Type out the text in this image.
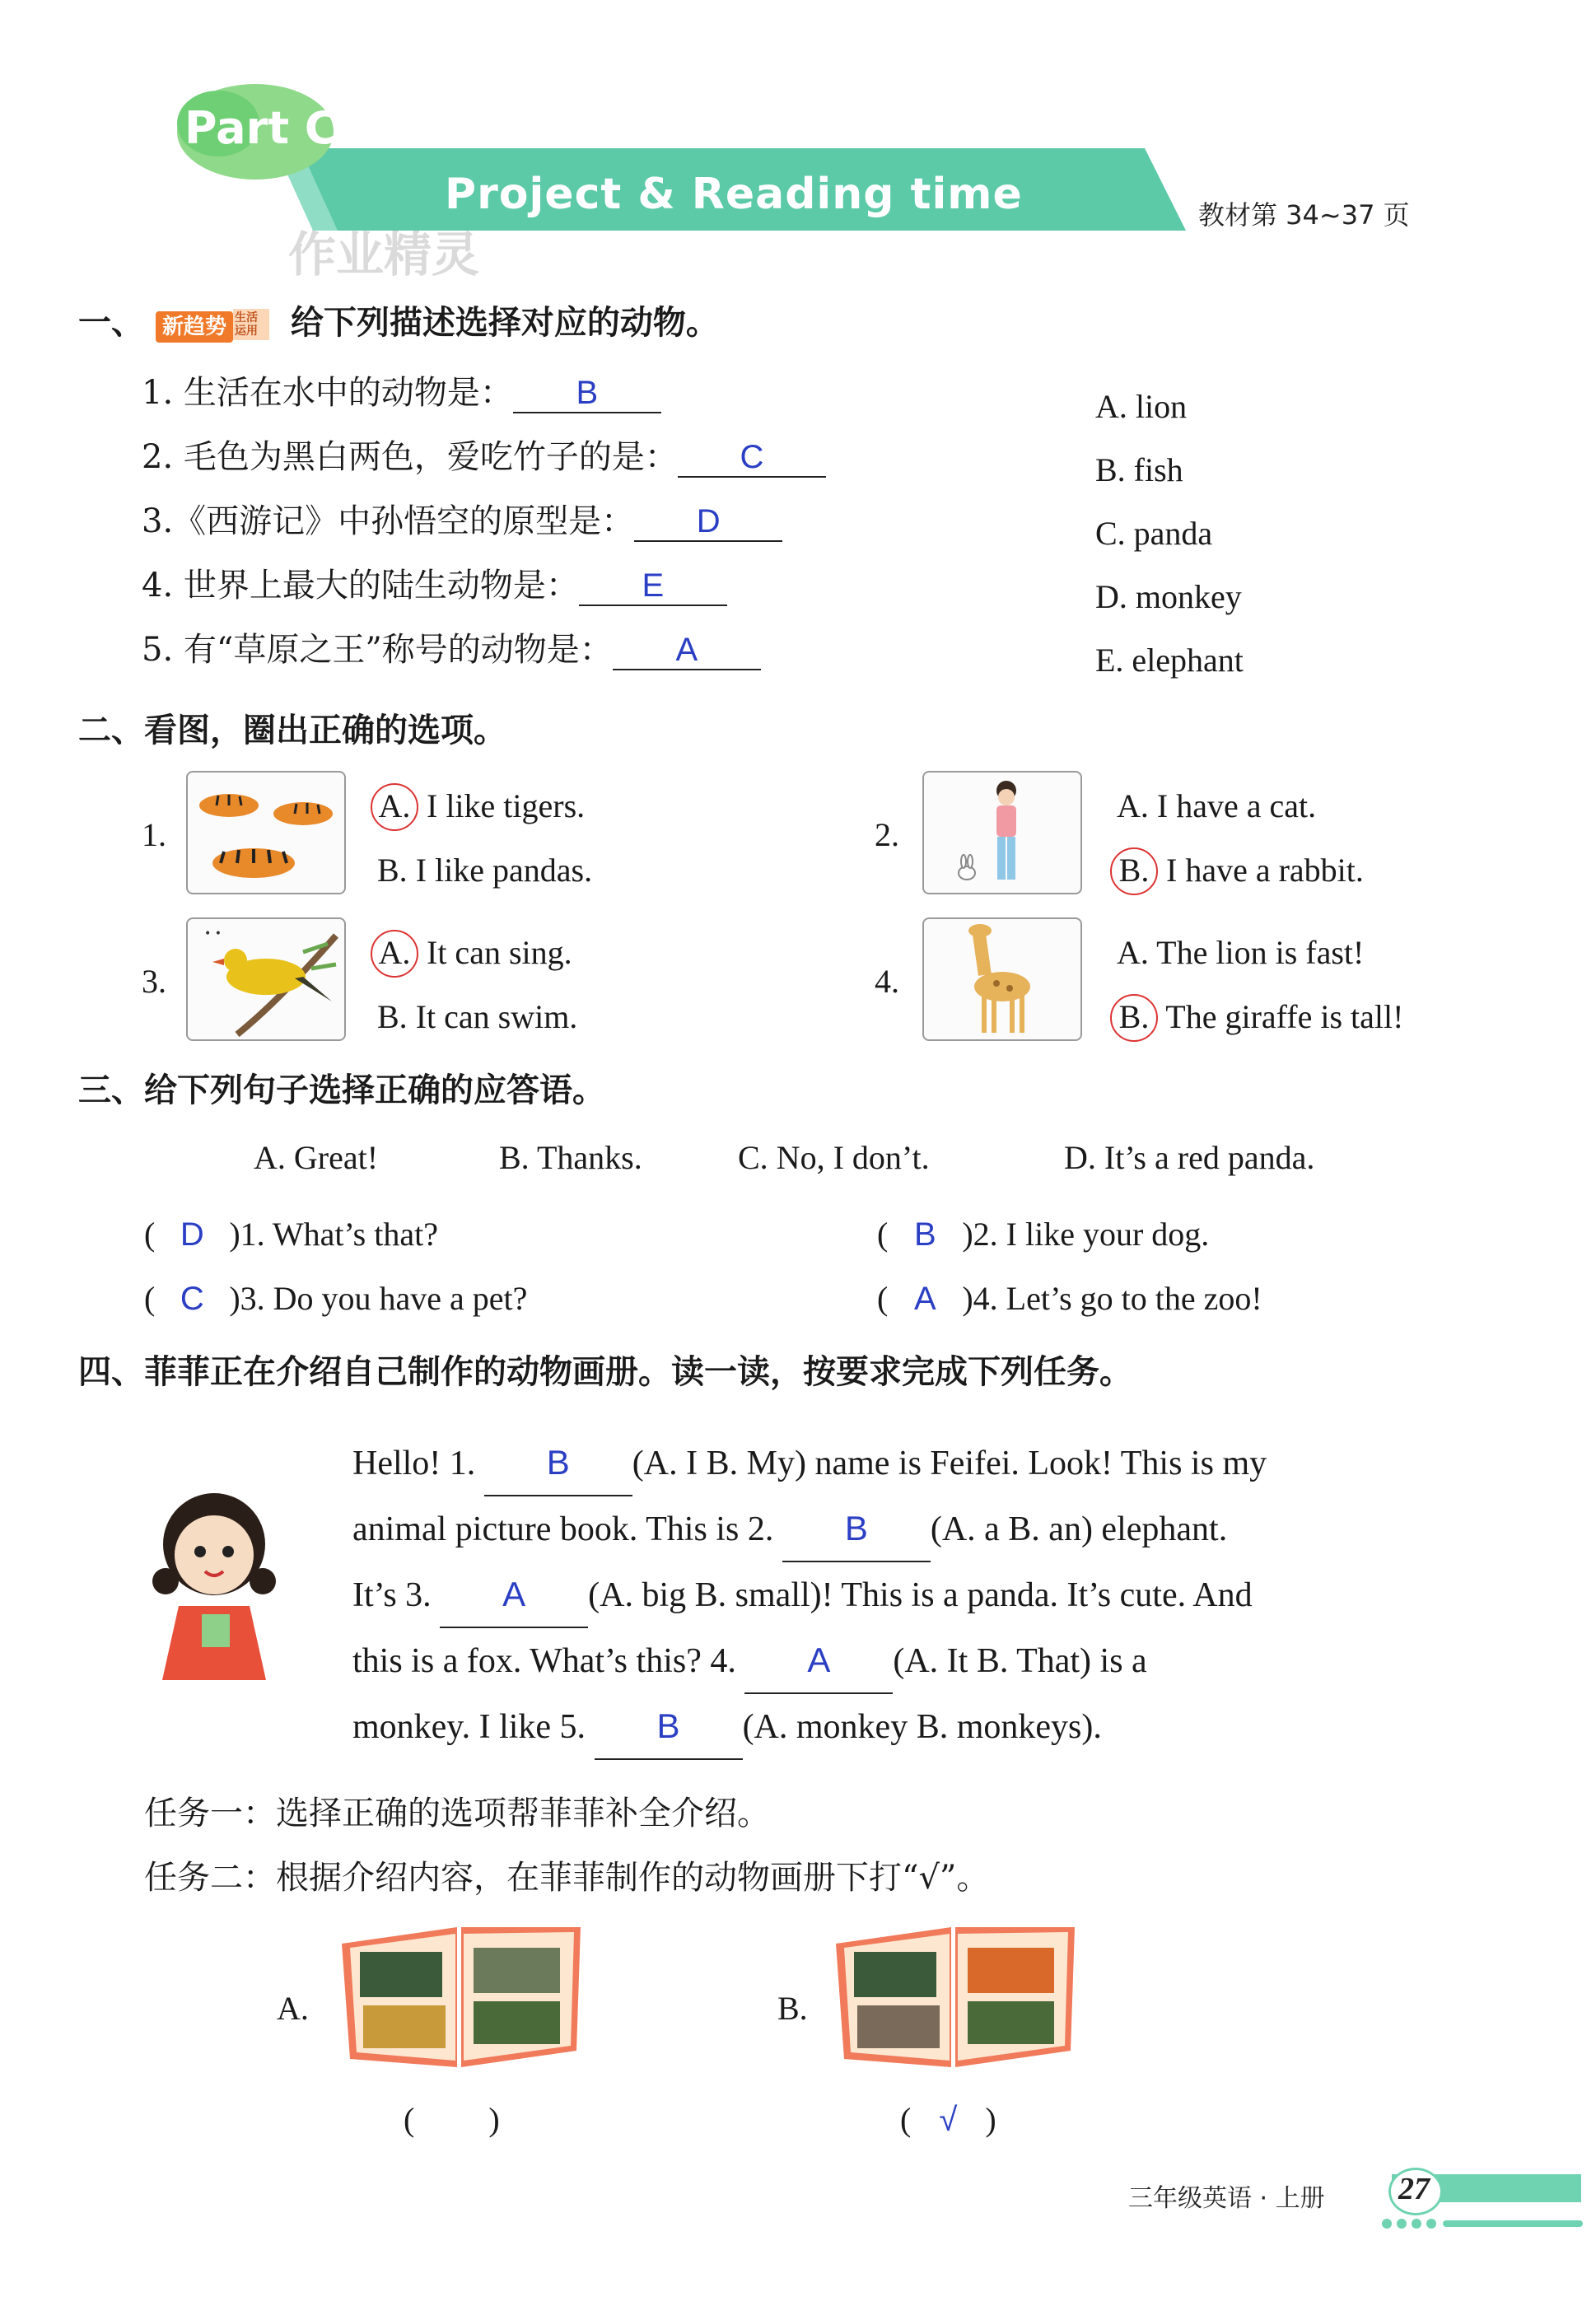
Part C
Project & Reading time	教材第 34~37 页
作业精灵
一、 新趋势 生活运用 给下列描述选择对应的动物。
1. 生活在水中的动物是： B
2. 毛色为黑白两色，爱吃竹子的是： C
3.《西游记》中孙悟空的原型是： D
4. 世界上最大的陆生动物是： E
5. 有“草原之王”称号的动物是： A
A. lion
B. fish
C. panda
D. monkey
E. elephant
二、看图，圈出正确的选项。
1.
A. I like tigers.
B. I like pandas.
2.
A. I have a cat.
B. I have a rabbit.
3.
• •	A. It can sing.
B. It can swim.
4.
A. The lion is fast!
B. The giraffe is tall!
三、给下列句子选择正确的应答语。
A. Great!	B. Thanks.	C. No, I don’t.	D. It’s a red panda.
( D )1. What’s that?	( B )2. I like your dog.
( C )3. Do you have a pet?	( A )4. Let’s go to the zoo!
四、菲菲正在介绍自己制作的动物画册。读一读，按要求完成下列任务。
Hello! 1. B (A. I B. My) name is Feifei. Look! This is my
animal picture book. This is 2. B (A. a B. an) elephant.
It’s 3. A (A. big B. small)! This is a panda. It’s cute. And
this is a fox. What’s this? 4. A (A. It B. That) is a
monkey. I like 5. B (A. monkey B. monkeys).
任务一：选择正确的选项帮菲菲补全介绍。
任务二：根据介绍内容，在菲菲制作的动物画册下打“√”。
A.
( )
B.
( √ )
三年级英语 · 上册 27
